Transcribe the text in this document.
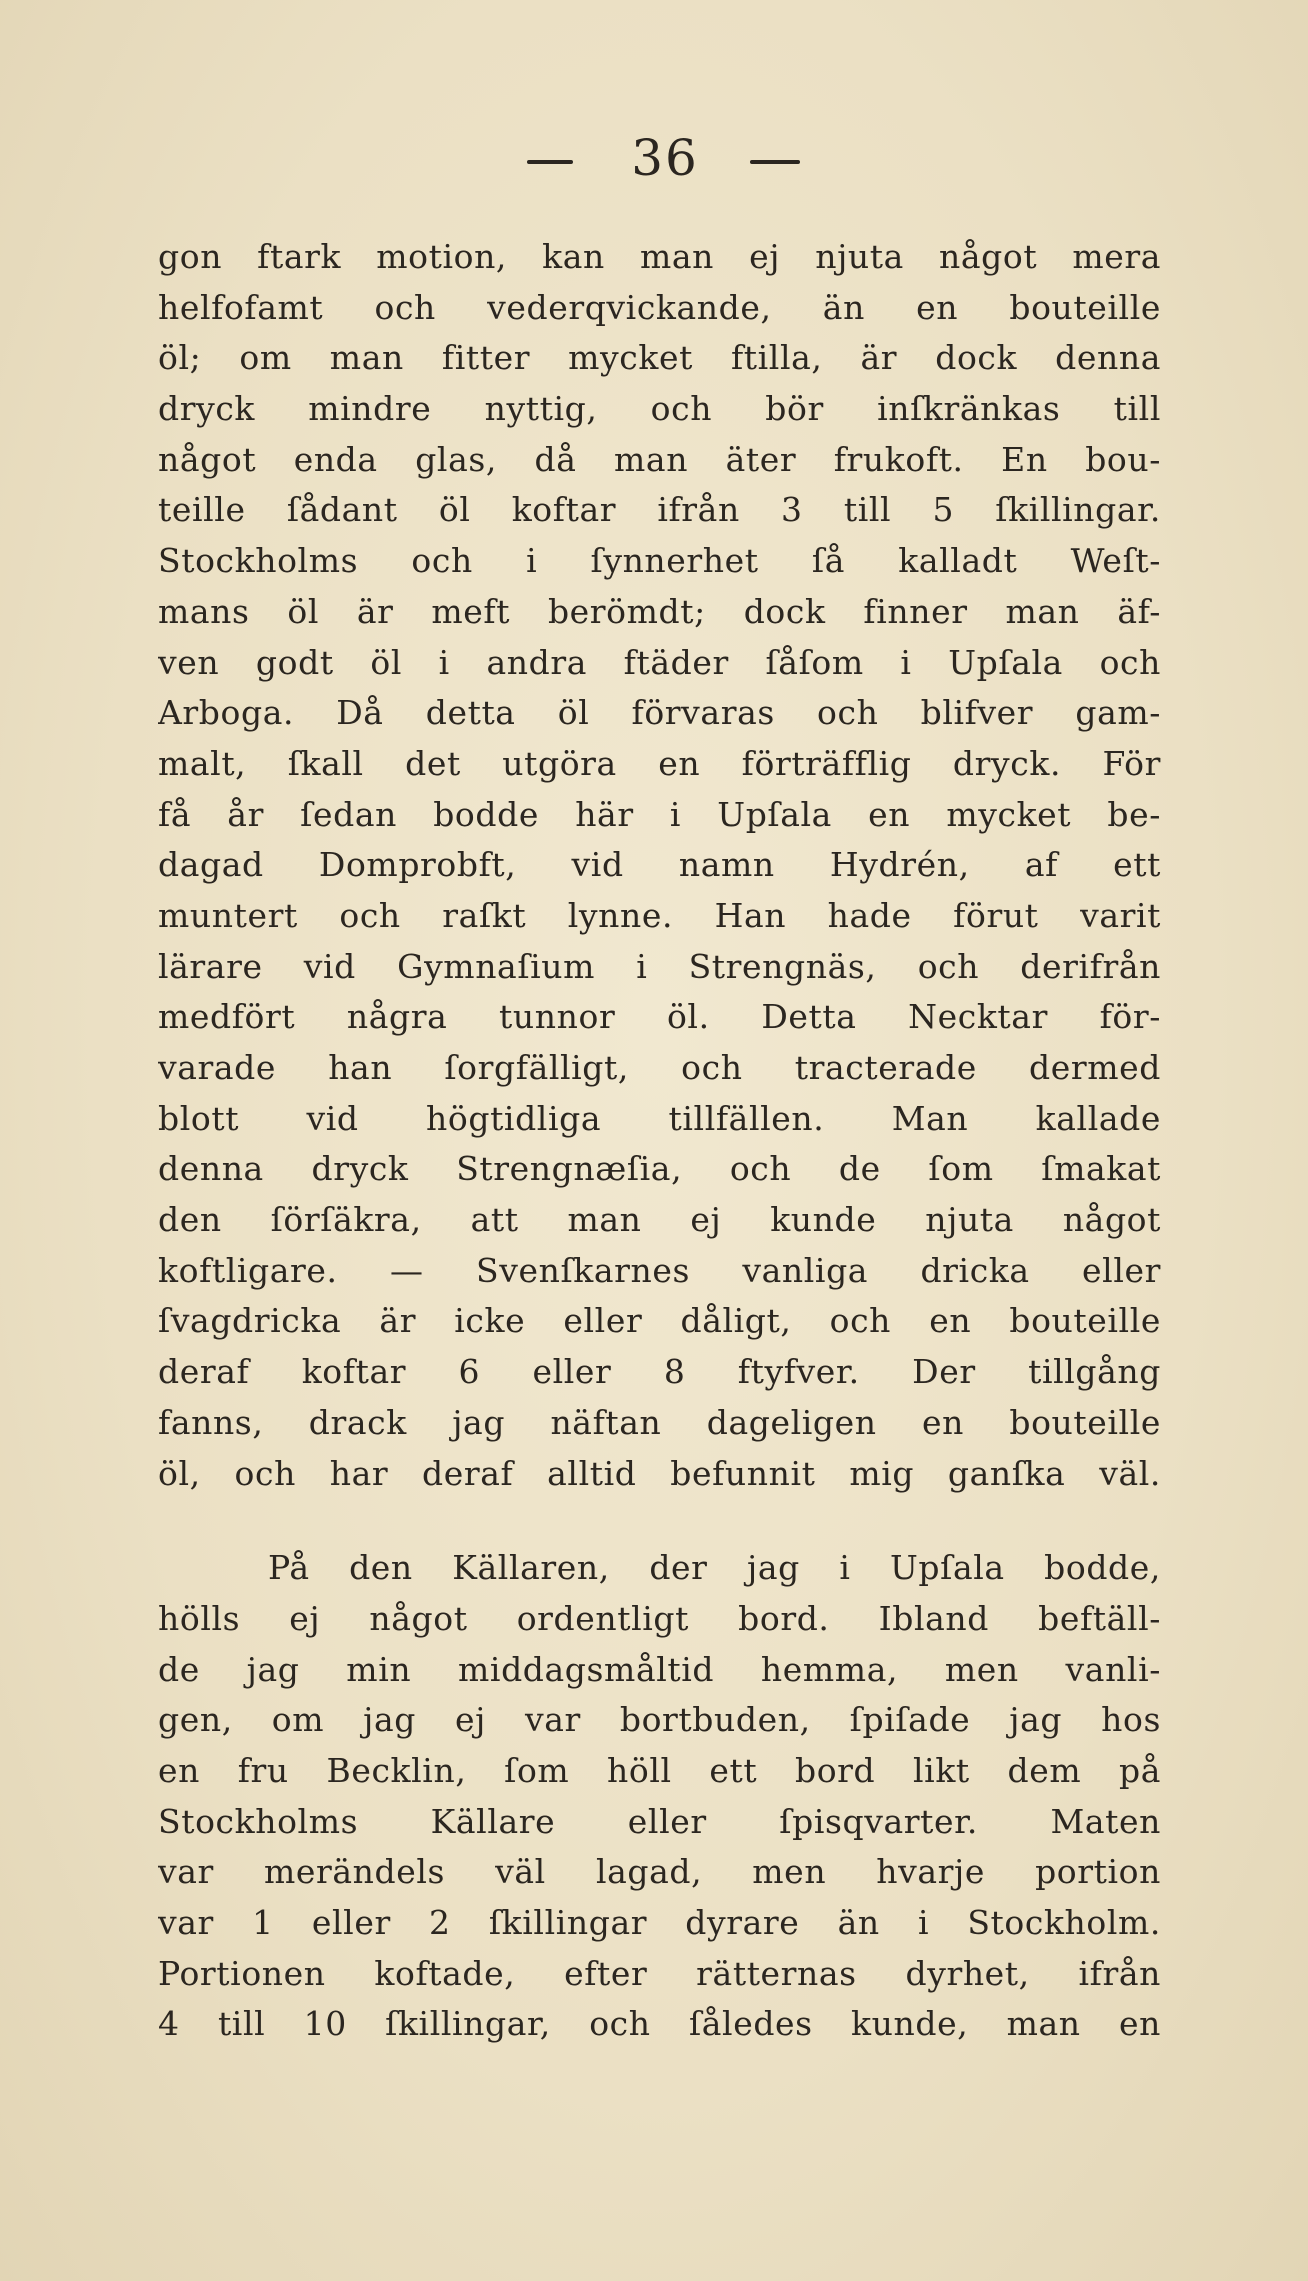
36
gon ftark motion, kan man ej njuta något mera
helfofamt och vederqvickande, än en bouteille
öl; om man fitter mycket ftilla, är dock denna
dryck mindre nyttig, och bör inſkränkas till
något enda glas, då man äter frukoft. En bou-
teille ſådant öl koftar ifrån 3 till 5 ſkillingar.
Stockholms och i ſynnerhet ſå kalladt Weſt-
mans öl är meft berömdt; dock finner man äf-
ven godt öl i andra ftäder ſåſom i Upſala och
Arboga. Då detta öl förvaras och blifver gam-
malt, ſkall det utgöra en förträfflig dryck. För
få år ſedan bodde här i Upſala en mycket be-
dagad Domprobft, vid namn Hydrén, af ett
muntert och raſkt lynne. Han hade förut varit
lärare vid Gymnaſium i Strengnäs, och derifrån
medfört några tunnor öl. Detta Necktar för-
varade han ſorgfälligt, och tracterade dermed
blott vid högtidliga tillfällen. Man kallade
denna dryck Strengnæſia, och de ſom ſmakat
den ſörſäkra, att man ej kunde njuta något
koftligare. — Svenſkarnes vanliga dricka eller
ſvagdricka är icke eller dåligt, och en bouteille
deraf koftar 6 eller 8 ftyfver. Der tillgång
fanns, drack jag näftan dageligen en bouteille
öl, och har deraf alltid befunnit mig ganſka väl.
På den Källaren, der jag i Upſala bodde,
hölls ej något ordentligt bord. Ibland beftäll-
de jag min middagsmåltid hemma, men vanli-
gen, om jag ej var bortbuden, ſpiſade jag hos
en fru Becklin, ſom höll ett bord likt dem på
Stockholms Källare eller ſpisqvarter. Maten
var merändels väl lagad, men hvarje portion
var 1 eller 2 ſkillingar dyrare än i Stockholm.
Portionen koftade, efter rätternas dyrhet, ifrån
4 till 10 ſkillingar, och ſåledes kunde, man en
